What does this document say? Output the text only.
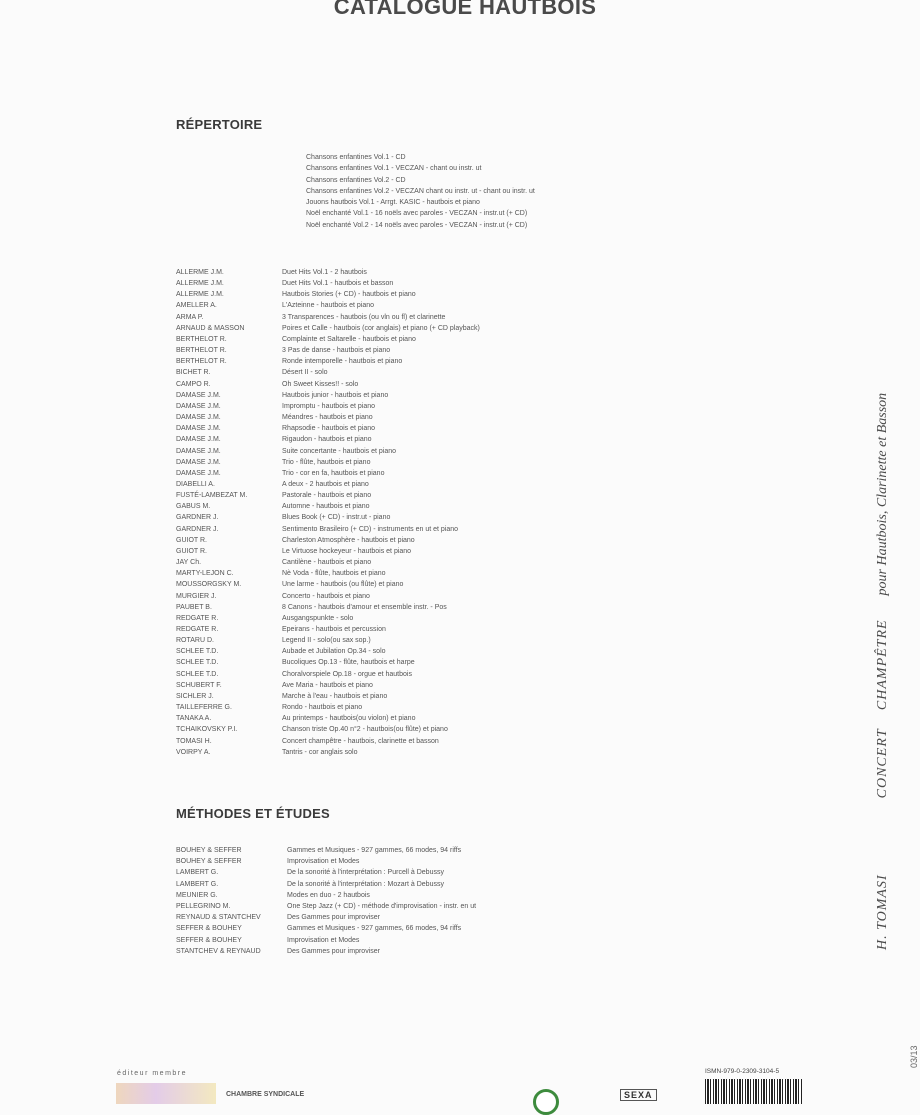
CATALOGUE HAUTBOIS
RÉPERTOIRE
Chansons enfantines Vol.1 - CD
Chansons enfantines Vol.1 - VECZAN - chant ou instr. ut
Chansons enfantines Vol.2 - CD
Chansons enfantines Vol.2 - VECZAN chant ou instr. ut - chant ou instr. ut
Jouons hautbois Vol.1 - Arrgt. KASIC - hautbois et piano
Noël enchanté Vol.1 - 16 noëls avec paroles - VECZAN - instr.ut (+ CD)
Noël enchanté Vol.2 - 14 noëls avec paroles - VECZAN - instr.ut (+ CD)
ALLERME J.M.	Duet Hits Vol.1 - 2 hautbois
ALLERME J.M.	Duet Hits Vol.1 - hautbois et basson
ALLERME J.M.	Hautbois Stories (+ CD) - hautbois et piano
AMELLER A.	L'Azteinne - hautbois et piano
ARMA P.	3 Transparences - hautbois (ou vln ou fl) et clarinette
ARNAUD & MASSON	Poires et Calle - hautbois (cor anglais) et piano (+ CD playback)
BERTHELOT R.	Complainte et Saltarelle - hautbois et piano
BERTHELOT R.	3 Pas de danse - hautbois et piano
BERTHELOT R.	Ronde intemporelle - hautbois et piano
BICHET R.	Désert II - solo
CAMPO R.	Oh Sweet Kisses!! - solo
DAMASE J.M.	Hautbois junior - hautbois et piano
DAMASE J.M.	Impromptu - hautbois et piano
DAMASE J.M.	Méandres - hautbois et piano
DAMASE J.M.	Rhapsodie - hautbois et piano
DAMASE J.M.	Rigaudon - hautbois et piano
DAMASE J.M.	Suite concertante - hautbois et piano
DAMASE J.M.	Trio - flûte, hautbois et piano
DAMASE J.M.	Trio - cor en fa, hautbois et piano
DIABELLI A.	A deux - 2 hautbois et piano
FUSTÉ-LAMBEZAT M.	Pastorale - hautbois et piano
GABUS M.	Automne - hautbois et piano
GARDNER J.	Blues Book (+ CD) - instr.ut - piano
GARDNER J.	Sentimento Brasileiro (+ CD) - instruments en ut et piano
GUIOT R.	Charleston Atmosphère - hautbois et piano
GUIOT R.	Le Virtuose hockeyeur - hautbois et piano
JAY Ch.	Cantilène - hautbois et piano
MARTY-LEJON C.	Nè Voda - flûte, hautbois et piano
MOUSSORGSKY M.	Une larme - hautbois (ou flûte) et piano
MURGIER J.	Concerto - hautbois et piano
PAUBET B.	8 Canons - hautbois d'amour et ensemble instr. - Pos
REDGATE R.	Ausgangspunkte - solo
REDGATE R.	Epeirans - hautbois et percussion
ROTARU D.	Legend II - solo(ou sax sop.)
SCHLEE T.D.	Aubade et Jubilation Op.34 - solo
SCHLEE T.D.	Bucoliques Op.13 - flûte, hautbois et harpe
SCHLEE T.D.	Choralvorspiele Op.18 - orgue et hautbois
SCHUBERT F.	Ave Maria - hautbois et piano
SICHLER J.	Marche à l'eau - hautbois et piano
TAILLEFERRE G.	Rondo - hautbois et piano
TANAKA A.	Au printemps - hautbois(ou violon) et piano
TCHAIKOVSKY P.I.	Chanson triste Op.40 n°2 - hautbois(ou flûte) et piano
TOMASI H.	Concert champêtre - hautbois, clarinette et basson
VOIRPY A.	Tantris - cor anglais solo
MÉTHODES ET ÉTUDES
BOUHEY & SEFFER	Gammes et Musiques - 927 gammes, 66 modes, 94 riffs
BOUHEY & SEFFER	Improvisation et Modes
LAMBERT G.	De la sonorité à l'interprétation : Purcell à Debussy
LAMBERT G.	De la sonorité à l'interprétation : Mozart à Debussy
MEUNIER G.	Modes en duo - 2 hautbois
PELLEGRINO M.	One Step Jazz (+ CD) - méthode d'improvisation - instr. en ut
REYNAUD & STANTCHEV	Des Gammes pour improviser
SEFFER & BOUHEY	Gammes et Musiques - 927 gammes, 66 modes, 94 riffs
SEFFER & BOUHEY	Improvisation et Modes
STANTCHEV & REYNAUD	Des Gammes pour improviser
H. TOMASICONCERT CHAMPÊTREpour Hautbois, Clarinette et Basson
03/13
éditeur membre
CHAMBRE SYNDICALE	SEXA
ISMN-979-0-2309-3104-5
